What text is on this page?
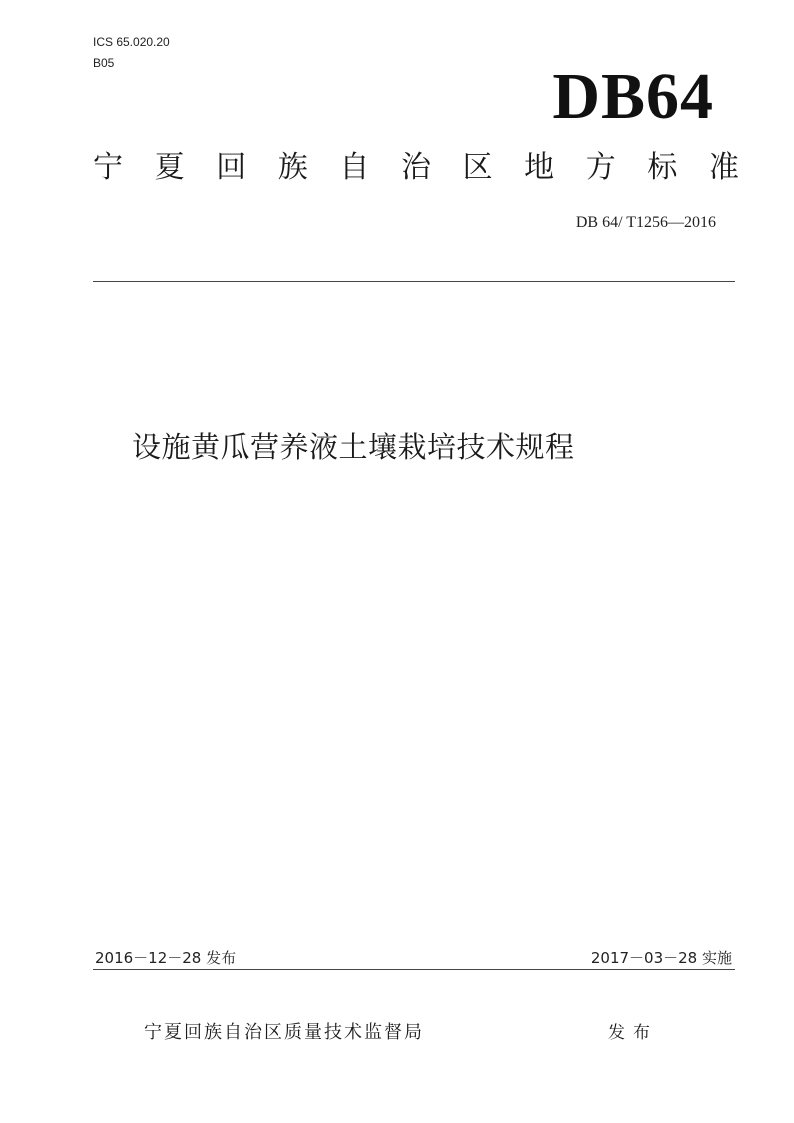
ICS 65.020.20
B05	DB64
宁 夏 回 族 自 治 区 地 方 标 准
DB 64/ T1256—2016
设施黄瓜营养液土壤栽培技术规程
2016－12－28 发布	2017－03－28 实施
宁夏回族自治区质量技术监督局	发布
